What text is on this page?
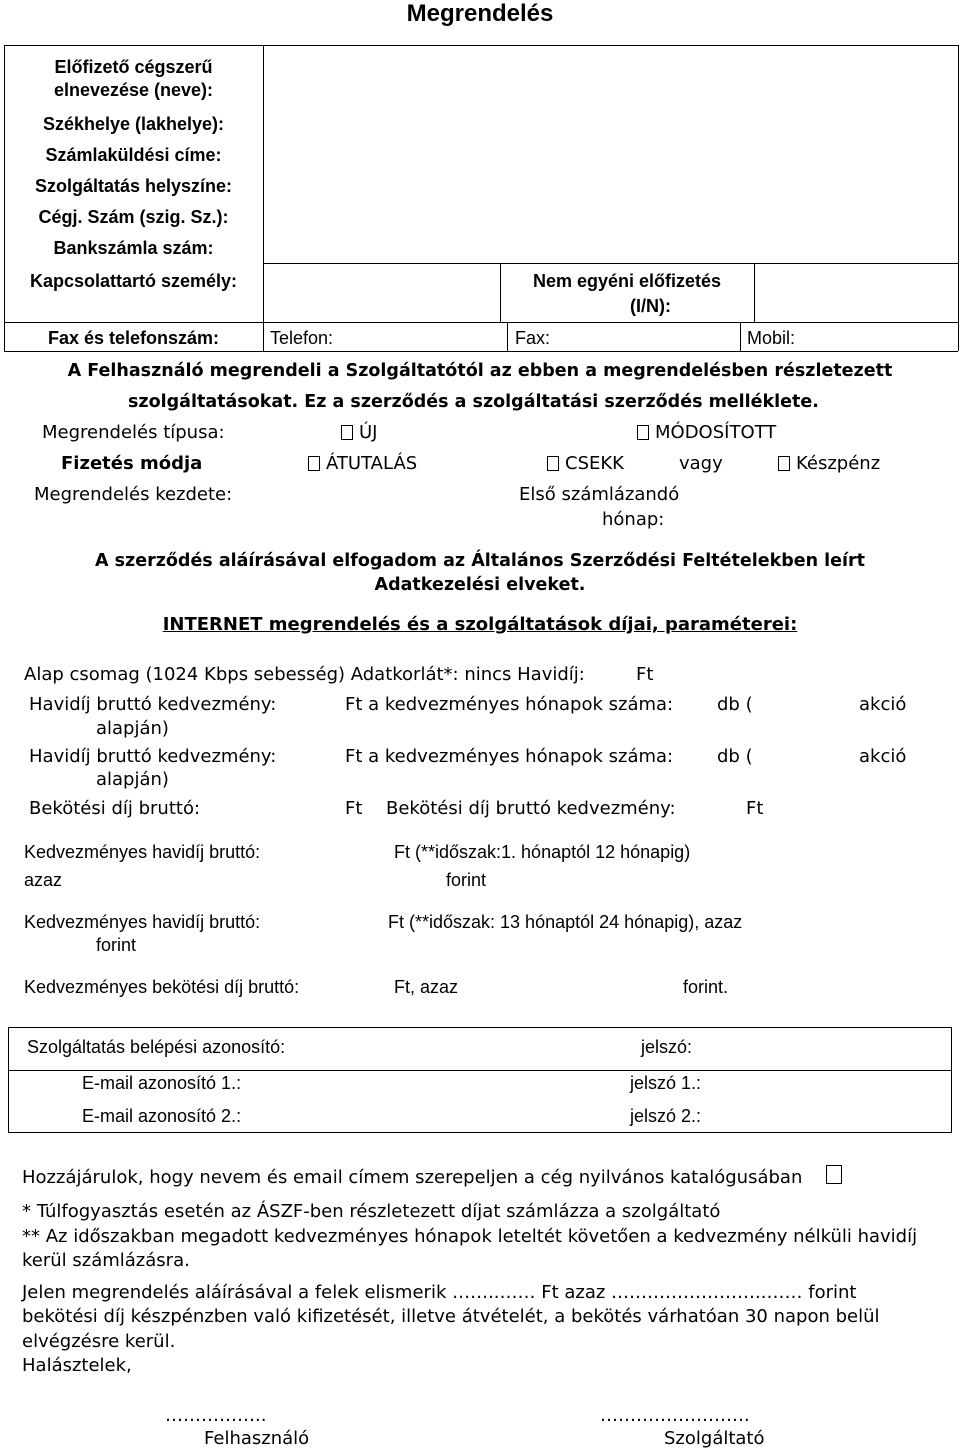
Megrendelés
Előfizető cégszerű
elnevezése (neve):
Székhelye (lakhelye):
Számlaküldési címe:
Szolgáltatás helyszíne:
Cégj. Szám (szig. Sz.):
Bankszámla szám:
Kapcsolattartó személy:	Nem egyéni előfizetés
(I/N):
Fax és telefonszám:	Telefon:	Fax:	Mobil:
A Felhasználó megrendeli a Szolgáltatótól az ebben a megrendelésben részletezett
szolgáltatásokat. Ez a szerződés a szolgáltatási szerződés melléklete.
Megrendelés típusa:	ÚJ	MÓDOSÍTOTT
Fizetés módja	ÁTUTALÁS	CSEKK	vagy	Készpénz
Megrendelés kezdete:	Első számlázandó
hónap:
A szerződés aláírásával elfogadom az Általános Szerződési Feltételekben leírt
Adatkezelési elveket.
INTERNET megrendelés és a szolgáltatások díjai, paraméterei:
Alap csomag (1024 Kbps sebesség) Adatkorlát*: nincs Havidíj:	Ft
Havidíj bruttó kedvezmény:	Ft a kedvezményes hónapok száma: db (	akció
alapján)
Havidíj bruttó kedvezmény:	Ft a kedvezményes hónapok száma: db (	akció
alapján)
Bekötési díj bruttó:	Ft Bekötési díj bruttó kedvezmény:	Ft
Kedvezményes havidíj bruttó:	Ft (**időszak:1. hónaptól 12 hónapig)
azaz	forint
Kedvezményes havidíj bruttó:	Ft (**időszak: 13 hónaptól 24 hónapig), azaz
forint
Kedvezményes bekötési díj bruttó:	Ft, azaz	forint.
Szolgáltatás belépési azonosító:	jelszó:
E-mail azonosító 1.:	jelszó 1.:
E-mail azonosító 2.:	jelszó 2.:
Hozzájárulok, hogy nevem és email címem szerepeljen a cég nyilvános katalógusában
* Túlfogyasztás esetén az ÁSZF-ben részletezett díjat számlázza a szolgáltató
** Az időszakban megadott kedvezményes hónapok leteltét követően a kedvezmény nélküli havidíj
kerül számlázásra.
Jelen megrendelés aláírásával a felek elismerik ……..…… Ft azaz ……………………..…… forint
bekötési díj készpénzben való kifizetését, illetve átvételét, a bekötés várhatóan 30 napon belül
elvégzésre kerül.
Halásztelek,
……………..	…………………….
Felhasználó	Szolgáltató
